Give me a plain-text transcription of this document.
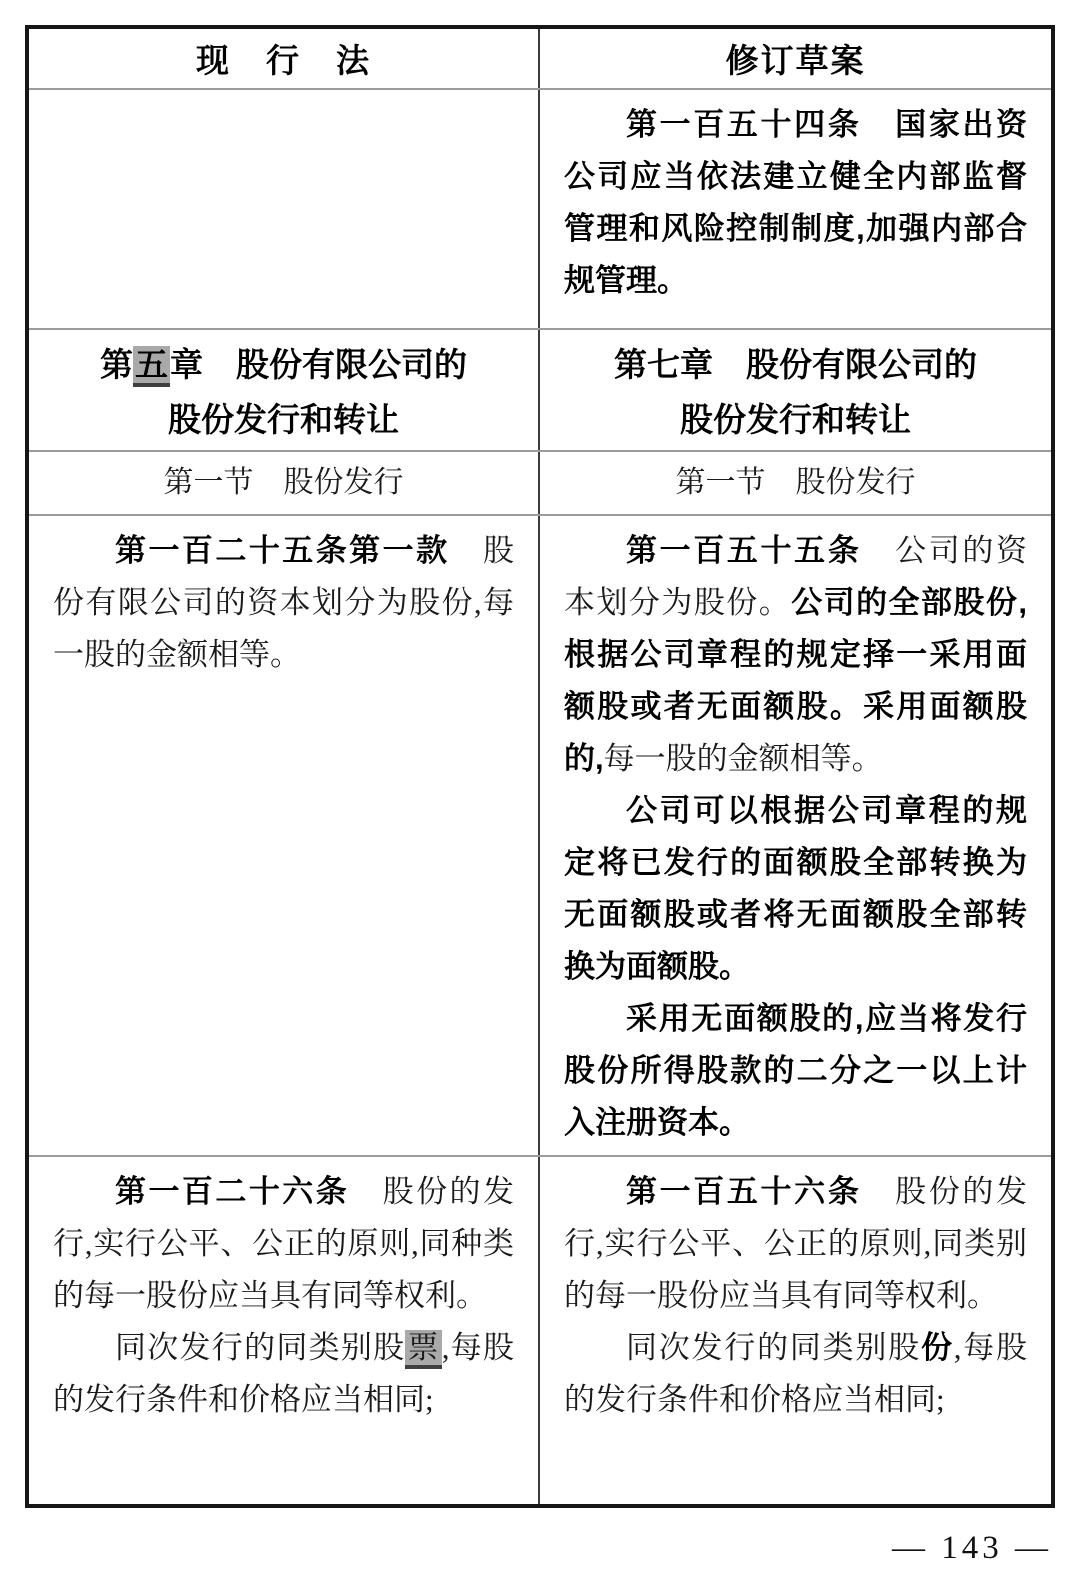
现　行　法	修订草案

第一百五十四条　国家出资公司应当依法建立健全内部监督管理和风险控制制度,加强内部合规管理。

第五章　股份有限公司的

股份发行和转让

第七章　股份有限公司的

股份发行和转让

第一节　股份发行	第一节　股份发行

第一百二十五条第一款　股份有限公司的资本划分为股份,每一股的金额相等。

第一百五十五条　公司的资本划分为股份。公司的全部股份,根据公司章程的规定择一采用面额股或者无面额股。采用面额股的,每一股的金额相等。

公司可以根据公司章程的规定将已发行的面额股全部转换为无面额股或者将无面额股全部转换为面额股。

采用无面额股的,应当将发行股份所得股款的二分之一以上计入注册资本。

第一百二十六条　股份的发行,实行公平、公正的原则,同种类的每一股份应当具有同等权利。

同次发行的同类别股票,每股的发行条件和价格应当相同;

第一百五十六条　股份的发行,实行公平、公正的原则,同类别的每一股份应当具有同等权利。

同次发行的同类别股份,每股的发行条件和价格应当相同;

— 143 —
